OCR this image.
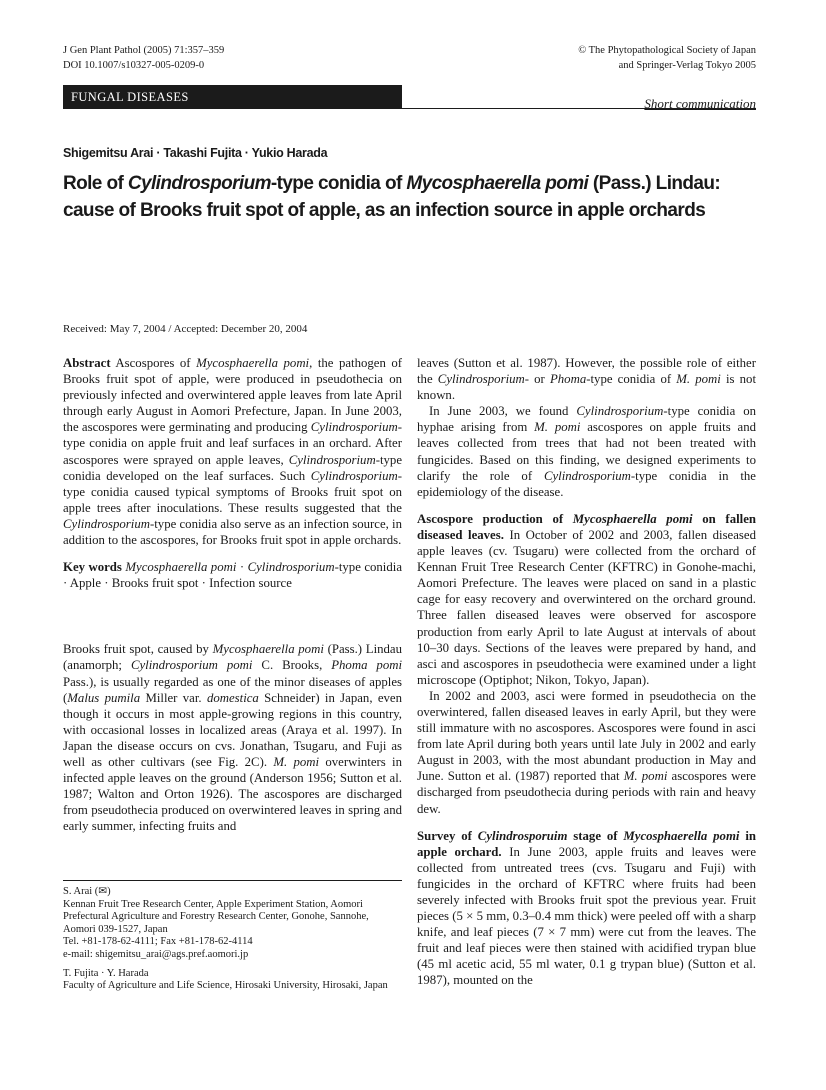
J Gen Plant Pathol (2005) 71:357–359
DOI 10.1007/s10327-005-0209-0
© The Phytopathological Society of Japan
and Springer-Verlag Tokyo 2005
FUNGAL DISEASES	Short communication
Shigemitsu Arai · Takashi Fujita · Yukio Harada
Role of Cylindrosporium-type conidia of Mycosphaerella pomi (Pass.) Lindau: cause of Brooks fruit spot of apple, as an infection source in apple orchards
Received: May 7, 2004 / Accepted: December 20, 2004

Abstract Ascospores of Mycosphaerella pomi, the pathogen of Brooks fruit spot of apple, were produced in pseudothecia on previously infected and overwintered apple leaves from late April through early August in Aomori Prefecture, Japan. In June 2003, the ascospores were germinating and producing Cylindrosporium-type conidia on apple fruit and leaf surfaces in an orchard. After ascospores were sprayed on apple leaves, Cylindrosporium-type conidia developed on the leaf surfaces. Such Cylindrosporium-type conidia caused typical symptoms of Brooks fruit spot on apple trees after inoculations. These results suggested that the Cylindrosporium-type conidia also serve as an infection source, in addition to the ascospores, for Brooks fruit spot in apple orchards.

Key words Mycosphaerella pomi · Cylindrosporium-type conidia · Apple · Brooks fruit spot · Infection source

Brooks fruit spot, caused by Mycosphaerella pomi (Pass.) Lindau (anamorph; Cylindrosporium pomi C. Brooks, Phoma pomi Pass.), is usually regarded as one of the minor diseases of apples (Malus pumila Miller var. domestica Schneider) in Japan, even though it occurs in most apple-growing regions in this country, with occasional losses in localized areas (Araya et al. 1997). In Japan the disease occurs on cvs. Jonathan, Tsugaru, and Fuji as well as other cultivars (see Fig. 2C). M. pomi overwinters in infected apple leaves on the ground (Anderson 1956; Sutton et al. 1987; Walton and Orton 1926). The ascospores are discharged from pseudothecia produced on overwintered leaves in spring and early summer, infecting fruits and

S. Arai (✉)

Kennan Fruit Tree Research Center, Apple Experiment Station, Aomori Prefectural Agriculture and Forestry Research Center, Gonohe, Sannohe, Aomori 039-1527, Japan

Tel. +81-178-62-4111; Fax +81-178-62-4114

e-mail: shigemitsu_arai@ags.pref.aomori.jp

T. Fujita · Y. Harada

Faculty of Agriculture and Life Science, Hirosaki University, Hirosaki, Japan

leaves (Sutton et al. 1987). However, the possible role of either the Cylindrosporium- or Phoma-type conidia of M. pomi is not known.

In June 2003, we found Cylindrosporium-type conidia on hyphae arising from M. pomi ascospores on apple fruits and leaves collected from trees that had not been treated with fungicides. Based on this finding, we designed experiments to clarify the role of Cylindrosporium-type conidia in the epidemiology of the disease.

Ascospore production of Mycosphaerella pomi on fallen diseased leaves. In October of 2002 and 2003, fallen diseased apple leaves (cv. Tsugaru) were collected from the orchard of Kennan Fruit Tree Research Center (KFTRC) in Gonohe-machi, Aomori Prefecture. The leaves were placed on sand in a plastic cage for easy recovery and overwintered on the orchard ground. Three fallen diseased leaves were observed for ascospore production from early April to late August at intervals of about 10–30 days. Sections of the leaves were prepared by hand, and asci and ascospores in pseudothecia were examined under a light microscope (Optiphot; Nikon, Tokyo, Japan).

In 2002 and 2003, asci were formed in pseudothecia on the overwintered, fallen diseased leaves in early April, but they were still immature with no ascospores. Ascospores were found in asci from late April during both years until late July in 2002 and early August in 2003, with the most abundant production in May and June. Sutton et al. (1987) reported that M. pomi ascospores were discharged from pseudothecia during periods with rain and heavy dew.

Survey of Cylindrosporuim stage of Mycosphaerella pomi in apple orchard. In June 2003, apple fruits and leaves were collected from untreated trees (cvs. Tsugaru and Fuji) with fungicides in the orchard of KFTRC where fruits had been severely infected with Brooks fruit spot the previous year. Fruit pieces (5 × 5 mm, 0.3–0.4 mm thick) were peeled off with a sharp knife, and leaf pieces (7 × 7 mm) were cut from the leaves. The fruit and leaf pieces were then stained with acidified trypan blue (45 ml acetic acid, 55 ml water, 0.1 g trypan blue) (Sutton et al. 1987), mounted on the
